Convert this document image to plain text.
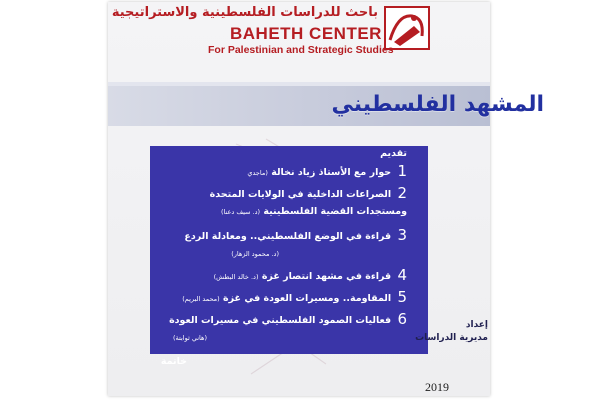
باحث للدراسات الفلسطينية والاستراتيجية
BAHETH CENTER
For Palestinian and Strategic Studies
المشهد الفلسطيني
تقديم
1 حوار مع الأستاذ زياد نخالة (ماجدي
2 الصراعات الداخلية في الولايات المتحدة
ومستجدات القضية الفلسطينية (د. سيف دعنا)
3 قراءة في الوضع الفلسطيني.. ومعادلة الردع
(د. محمود الزهار)
4 قراءة في مشهد انتصار غزة (د. خالد البطش)
5 المقاومة.. ومسيرات العودة في غزة (محمد البريم)
6 فعاليات الصمود الفلسطيني في مسيرات العودة
(هاني ثوابتة)
خاتمة
إعداد
مديرية الدراسات
2019
